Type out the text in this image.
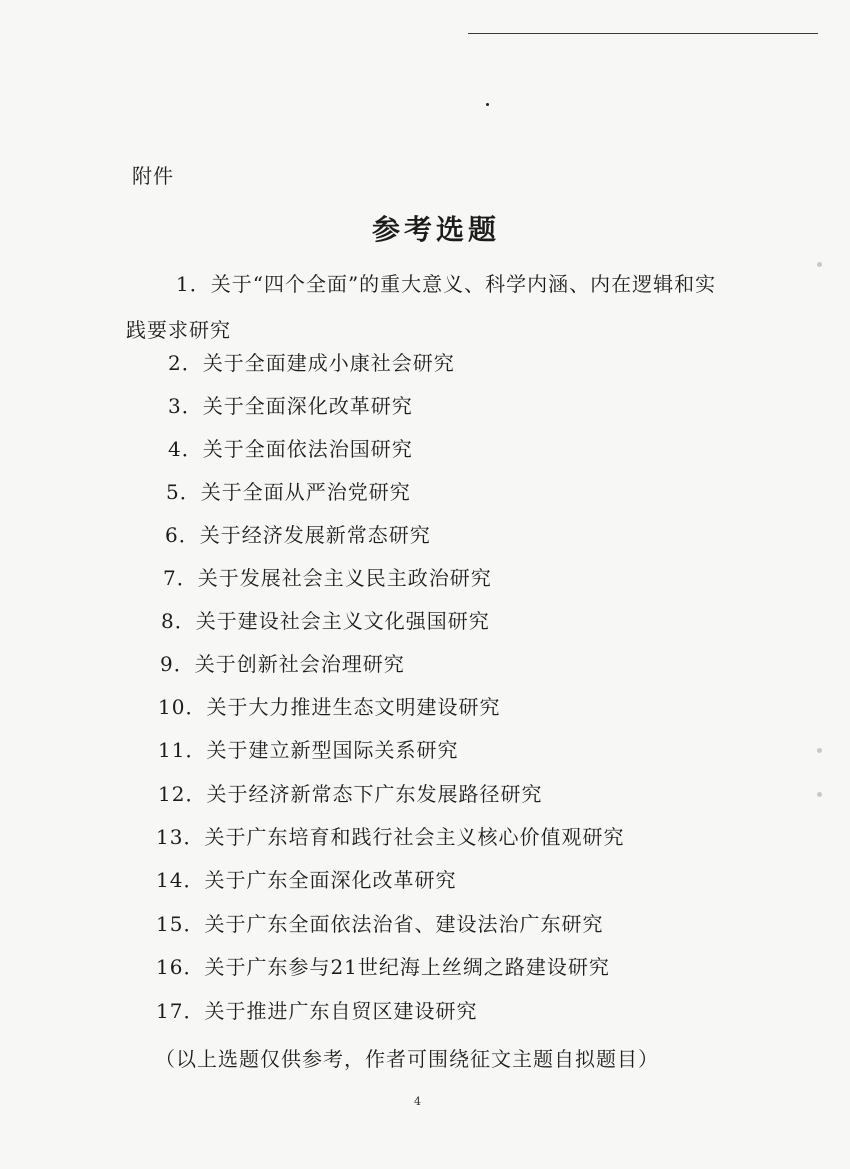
附件
参考选题
1．关于“四个全面”的重大意义、科学内涵、内在逻辑和实践要求研究
2．关于全面建成小康社会研究
3．关于全面深化改革研究
4．关于全面依法治国研究
5．关于全面从严治党研究
6．关于经济发展新常态研究
7．关于发展社会主义民主政治研究
8．关于建设社会主义文化强国研究
9．关于创新社会治理研究
10．关于大力推进生态文明建设研究
11．关于建立新型国际关系研究
12．关于经济新常态下广东发展路径研究
13．关于广东培育和践行社会主义核心价值观研究
14．关于广东全面深化改革研究
15．关于广东全面依法治省、建设法治广东研究
16．关于广东参与21世纪海上丝绸之路建设研究
17．关于推进广东自贸区建设研究
（以上选题仅供参考，作者可围绕征文主题自拟题目）
4
